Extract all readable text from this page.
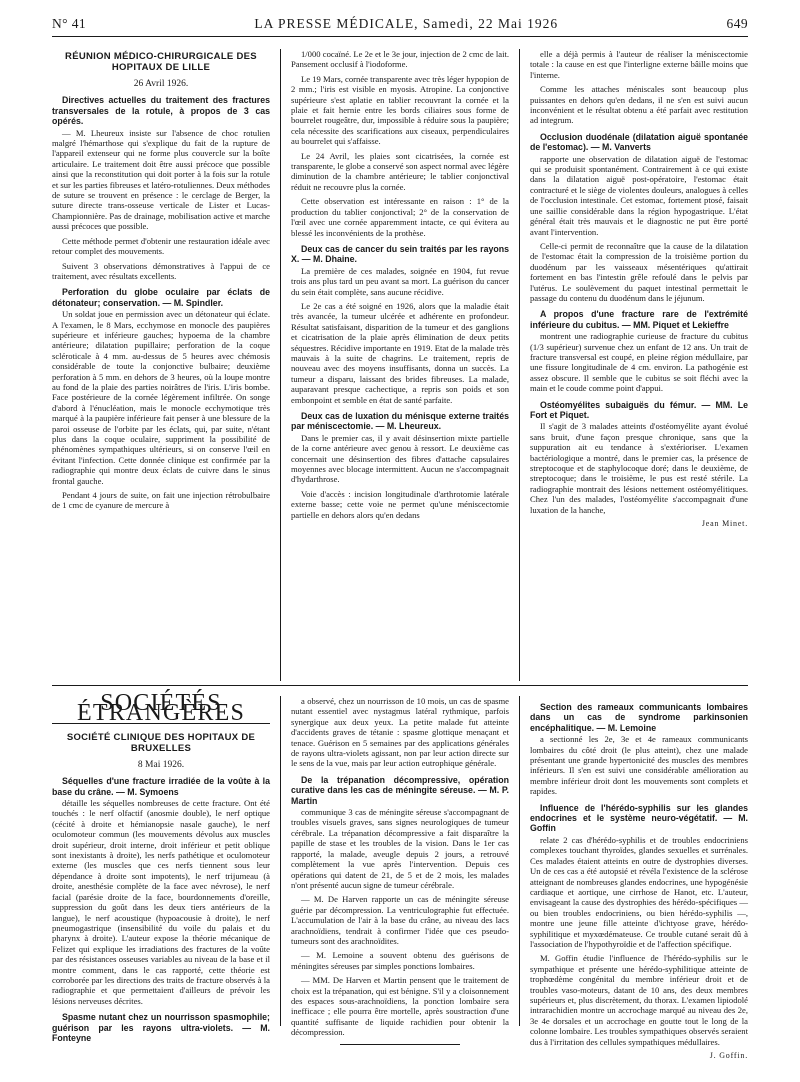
N° 41	LA PRESSE MÉDICALE, Samedi, 22 Mai 1926	649
RÉUNION MÉDICO-CHIRURGICALE DES HOPITAUX DE LILLE
26 Avril 1926.
Directives actuelles du traitement des fractures transversales de la rotule, à propos de 3 cas opérés.

— M. Lheureux insiste sur l'absence de choc rotulien malgré l'hémarthose qui s'explique du fait de la rupture de l'appareil extenseur qui ne forme plus couvercle sur la boîte articulaire. Le traitement doit être aussi précoce que possible ainsi que la reconstitution qui doit porter à la fois sur la rotule et sur les parties fibreuses et latéro-rotuliennes. Deux méthodes de suture se trouvent en présence : le cerclage de Berger, la suture directe trans-osseuse verticale de Lister et Lucas-Championnière. Pas de drainage, mobilisation active et marche aussi précoces que possible.

Cette méthode permet d'obtenir une restauration idéale avec retour complet des mouvements.

Suivent 3 observations démonstratives à l'appui de ce traitement, avec résultats excellents.

Perforation du globe oculaire par éclats de détonateur; conservation. — M. Spindler.

Un soldat joue en permission avec un détonateur qui éclate. A l'examen, le 8 Mars, ecchymose en monocle des paupières supérieure et inférieure gauches; hypoema de la chambre antérieure; dilatation pupillaire; perforation de la coque scléroticale à 4 mm. au-dessus de 5 heures avec chémosis considérable de toute la conjonctive bulbaire; deuxième perforation à 5 mm. en dehors de 3 heures, où la loupe montre au fond de la plaie des parties noirâtres de l'iris. L'iris bombe. Face postérieure de la cornée légèrement infiltrée. On songe d'abord à l'énucléation, mais le monocle ecchymotique très marqué à la paupière inférieure fait penser à une blessure de la paroi osseuse de l'orbite par les éclats, qui, par suite, n'étant plus dans la coque oculaire, suppriment la possibilité de phénomènes sympathiques ultérieurs, si on conserve l'œil en évitant l'infection. Cette donnée clinique est confirmée par la radiographie qui montre deux éclats de cuivre dans le sinus frontal gauche.

Pendant 4 jours de suite, on fait une injection rétrobulbaire de 1 cmc de cyanure de mercure à

1/000 cocaïné. Le 2e et le 3e jour, injection de 2 cmc de lait. Pansement occlusif à l'iodoforme.

Le 19 Mars, cornée transparente avec très léger hypopion de 2 mm.; l'iris est visible en myosis. Atropine. La conjonctive supérieure s'est aplatie en tablier recouvrant la cornée et la plaie et fait hernie entre les bords ciliaires sous forme de bourrelet rougeâtre, dur, impossible à réduire sous la paupière; cela nécessite des scarifications aux ciseaux, perpendiculaires au bourrelet qui s'affaisse.

Le 24 Avril, les plaies sont cicatrisées, la cornée est transparente, le globe a conservé son aspect normal avec légère diminution de la chambre antérieure; le tablier conjonctival réduit ne recouvre plus la cornée.

Cette observation est intéressante en raison : 1° de la production du tablier conjonctival; 2° de la conservation de l'œil avec une cornée apparemment intacte, ce qui évitera au blessé les inconvénients de la prothèse.

Deux cas de cancer du sein traités par les rayons X. — M. Dhaine.

La première de ces malades, soignée en 1904, fut revue trois ans plus tard un peu avant sa mort. La guérison du cancer du sein était complète, sans aucune récidive.

Le 2e cas a été soigné en 1926, alors que la maladie était très avancée, la tumeur ulcérée et adhérente en profondeur. Résultat satisfaisant, disparition de la tumeur et des ganglions et cicatrisation de la plaie après élimination de deux petits séquestres. Récidive importante en 1919. Etat de la malade très mauvais à la suite de chagrins. Le traitement, repris de nouveau avec des moyens insuffisants, donna un succès. La tumeur a disparu, laissant des brides fibreuses. La malade, auparavant presque cachectique, a repris son poids et son embonpoint et semble en état de santé parfaite.

Deux cas de luxation du ménisque externe traités par méniscectomie. — M. Lheureux.

Dans le premier cas, il y avait désinsertion mixte partielle de la corne antérieure avec genou à ressort. Le deuxième cas concernait une désinsertion des fibres d'attache capsulaires moyennes avec blocage intermittent. Aucun ne s'accompagnait d'hydarthrose.

Voie d'accès : incision longitudinale d'arthrotomie latérale externe basse; cette voie ne permet qu'une méniscectomie partielle en dehors alors qu'en dedans

elle a déjà permis à l'auteur de réaliser la méniscectomie totale : la cause en est que l'interligne externe bâille moins que l'interne.

Comme les attaches méniscales sont beaucoup plus puissantes en dehors qu'en dedans, il ne s'en est suivi aucun inconvénient et le résultat obtenu a été parfait avec restitution ad integrum.

Occlusion duodénale (dilatation aiguë spontanée de l'estomac). — M. Vanverts

rapporte une observation de dilatation aiguë de l'estomac qui se produisit spontanément. Contrairement à ce qui existe dans la dilatation aiguë post-opératoire, l'estomac était contracturé et le siège de violentes douleurs, analogues à celles de l'occlusion intestinale. Cet estomac, fortement ptosé, faisait une saillie considérable dans la région hypogastrique. L'état général était très mauvais et le diagnostic ne put être porté avant l'intervention.

Celle-ci permit de reconnaître que la cause de la dilatation de l'estomac était la compression de la troisième portion du duodénum par les vaisseaux mésentériques qu'attirait fortement en bas l'intestin grêle refoulé dans le pelvis par l'utérus. Le soulèvement du paquet intestinal permettait le passage du contenu du duodénum dans le jéjunum.

A propos d'une fracture rare de l'extrémité inférieure du cubitus. — MM. Piquet et Lekieffre

montrent une radiographie curieuse de fracture du cubitus (1/3 supérieur) survenue chez un enfant de 12 ans. Un trait de fracture transversal est coupé, en pleine région médullaire, par une fissure longitudinale de 4 cm. environ. La pathogénie est assez obscure. Il semble que le cubitus se soit fléchi avec la main et le coude comme point d'appui.

Ostéomyélites subaiguës du fémur. — MM. Le Fort et Piquet.

Il s'agit de 3 malades atteints d'ostéomyélite ayant évolué sans bruit, d'une façon presque chronique, sans que la suppuration ait eu tendance à s'extérioriser. L'examen bactériologique a montré, dans le premier cas, la présence de streptocoque et de staphylocoque doré; dans le deuxième, de streptocoque; dans le troisième, le pus est resté stérile. La radiographie montrait des lésions nettement ostéomyélitiques. Chez l'un des malades, l'ostéomyélite s'accompagnait d'une luxation de la hanche,

Jean Minet.
SOCIÉTÉS ÉTRANGÈRES
SOCIÉTÉ CLINIQUE DES HOPITAUX DE BRUXELLES
8 Mai 1926.
Séquelles d'une fracture irradiée de la voûte à la base du crâne. — M. Symoens

détaille les séquelles nombreuses de cette fracture. Ont été touchés : le nerf olfactif (anosmie double), le nerf optique (cécité à droite et hémianopsie nasale gauche), le nerf oculomoteur commun (les mouvements dévolus aux muscles droit supérieur, droit interne, droit inférieur et petit oblique sont inexistants à droite), les nerfs pathétique et oculomoteur externe (les muscles que ces nerfs tiennent sous leur dépendance à droite sont impotents), le nerf trijumeau (à droite, anesthésie complète de la face avec névrose), le nerf facial (parésie droite de la face, bourdonnements d'oreille, suppression du goût dans les deux tiers antérieurs de la langue), le nerf acoustique (hypoacousie à droite), le nerf pneumogastrique (insensibilité du voile du palais et du pharynx à droite). L'auteur expose la théorie mécanique de Felizet qui explique les irradiations des fractures de la voûte par des résistances osseuses variables au niveau de la base et il montre comment, dans le cas rapporté, cette théorie est corroborée par les directions des traits de fracture observés à la radiographie et que permettaient d'ailleurs de prévoir les lésions nerveuses décrites.

Spasme nutant chez un nourrisson spasmophile; guérison par les rayons ultra-violets. — M. Fonteyne

a observé, chez un nourrisson de 10 mois, un cas de spasme nutant essentiel avec nystagmus latéral rythmique, parfois synergique aux deux yeux. La petite malade fut atteinte d'accidents graves de tétanie : spasme glottique menaçant et tenace. Guérison en 5 semaines par des applications générales de rayons ultra-violets agissant, non par leur action directe sur le sens de la vue, mais par leur action eutrophique générale.

De la trépanation décompressive, opération curative dans les cas de méningite séreuse. — M. P. Martin

communique 3 cas de méningite séreuse s'accompagnant de troubles visuels graves, sans signes neurologiques de tumeur cérébrale. La trépanation décompressive a fait disparaître la papille de stase et les troubles de la vision. Dans le 1er cas rapporté, la malade, aveugle depuis 2 jours, a retrouvé complètement la vue après l'intervention. Depuis ces opérations qui datent de 21, de 5 et de 2 mois, les malades n'ont présenté aucun signe de tumeur cérébrale.

— M. De Harven rapporte un cas de méningite séreuse guérie par décompression. La ventriculographie fut effectuée. L'accumulation de l'air à la base du crâne, au niveau des lacs arachnoïdiens, tendrait à confirmer l'idée que ces pseudo-tumeurs sont des arachnoïdites.

— M. Lemoine a souvent obtenu des guérisons de méningites séreuses par simples ponctions lombaires.

— MM. De Harven et Martin pensent que le traitement de choix est la trépanation, qui est bénigne. S'il y a cloisonnement des espaces sous-arachnoïdiens, la ponction lombaire sera inefficace ; elle pourra être mortelle, après soustraction d'une quantité suffisante de liquide rachidien pour obtenir la décompression.

Section des rameaux communicants lombaires dans un cas de syndrome parkinsonien encéphalitique. — M. Lemoine

a sectionné les 2e, 3e et 4e rameaux communicants lombaires du côté droit (le plus atteint), chez une malade présentant une grande hypertonicité des muscles des membres inférieurs. Il s'en est suivi une considérable amélioration au membre inférieur droit dont les mouvements sont complets et rapides.

Influence de l'hérédo-syphilis sur les glandes endocrines et le système neuro-végétatif. — M. Goffin

relate 2 cas d'hérédo-syphilis et de troubles endocriniens complexes touchant thyroïdes, glandes sexuelles et surrénales. Ces malades étaient atteints en outre de dystrophies diverses. Un de ces cas a été autopsié et révéla l'existence de la sclérose atteignant de nombreuses glandes endocrines, une hypogénésie cardiaque et aortique, une cirrhose de Hanot, etc. L'auteur, envisageant la cause des dystrophies des hérédo-spécifiques — ou bien troubles endocriniens, ou bien hérédo-syphilis —, montre une jeune fille atteinte d'ichtyose grave, hérédo-syphilitique et myxœdémateuse. Ce trouble cutané serait dû à l'association de l'hypothyroïdie et de l'affection spécifique.

M. Goffin étudie l'influence de l'hérédo-syphilis sur le sympathique et présente une hérédo-syphilitique atteinte de trophœdème congénital du membre inférieur droit et de troubles vaso-moteurs, datant de 10 ans, des deux membres supérieurs et, plus discrètement, du thorax. L'examen lipiodolé intrarachidien montre un accrochage marqué au niveau des 2e, 3e 4e dorsales et un accrochage en goutte tout le long de la colonne lombaire. Les troubles sympathiques observés seraient dus à l'irritation des cellules sympathiques médullaires.

J. Goffin.
